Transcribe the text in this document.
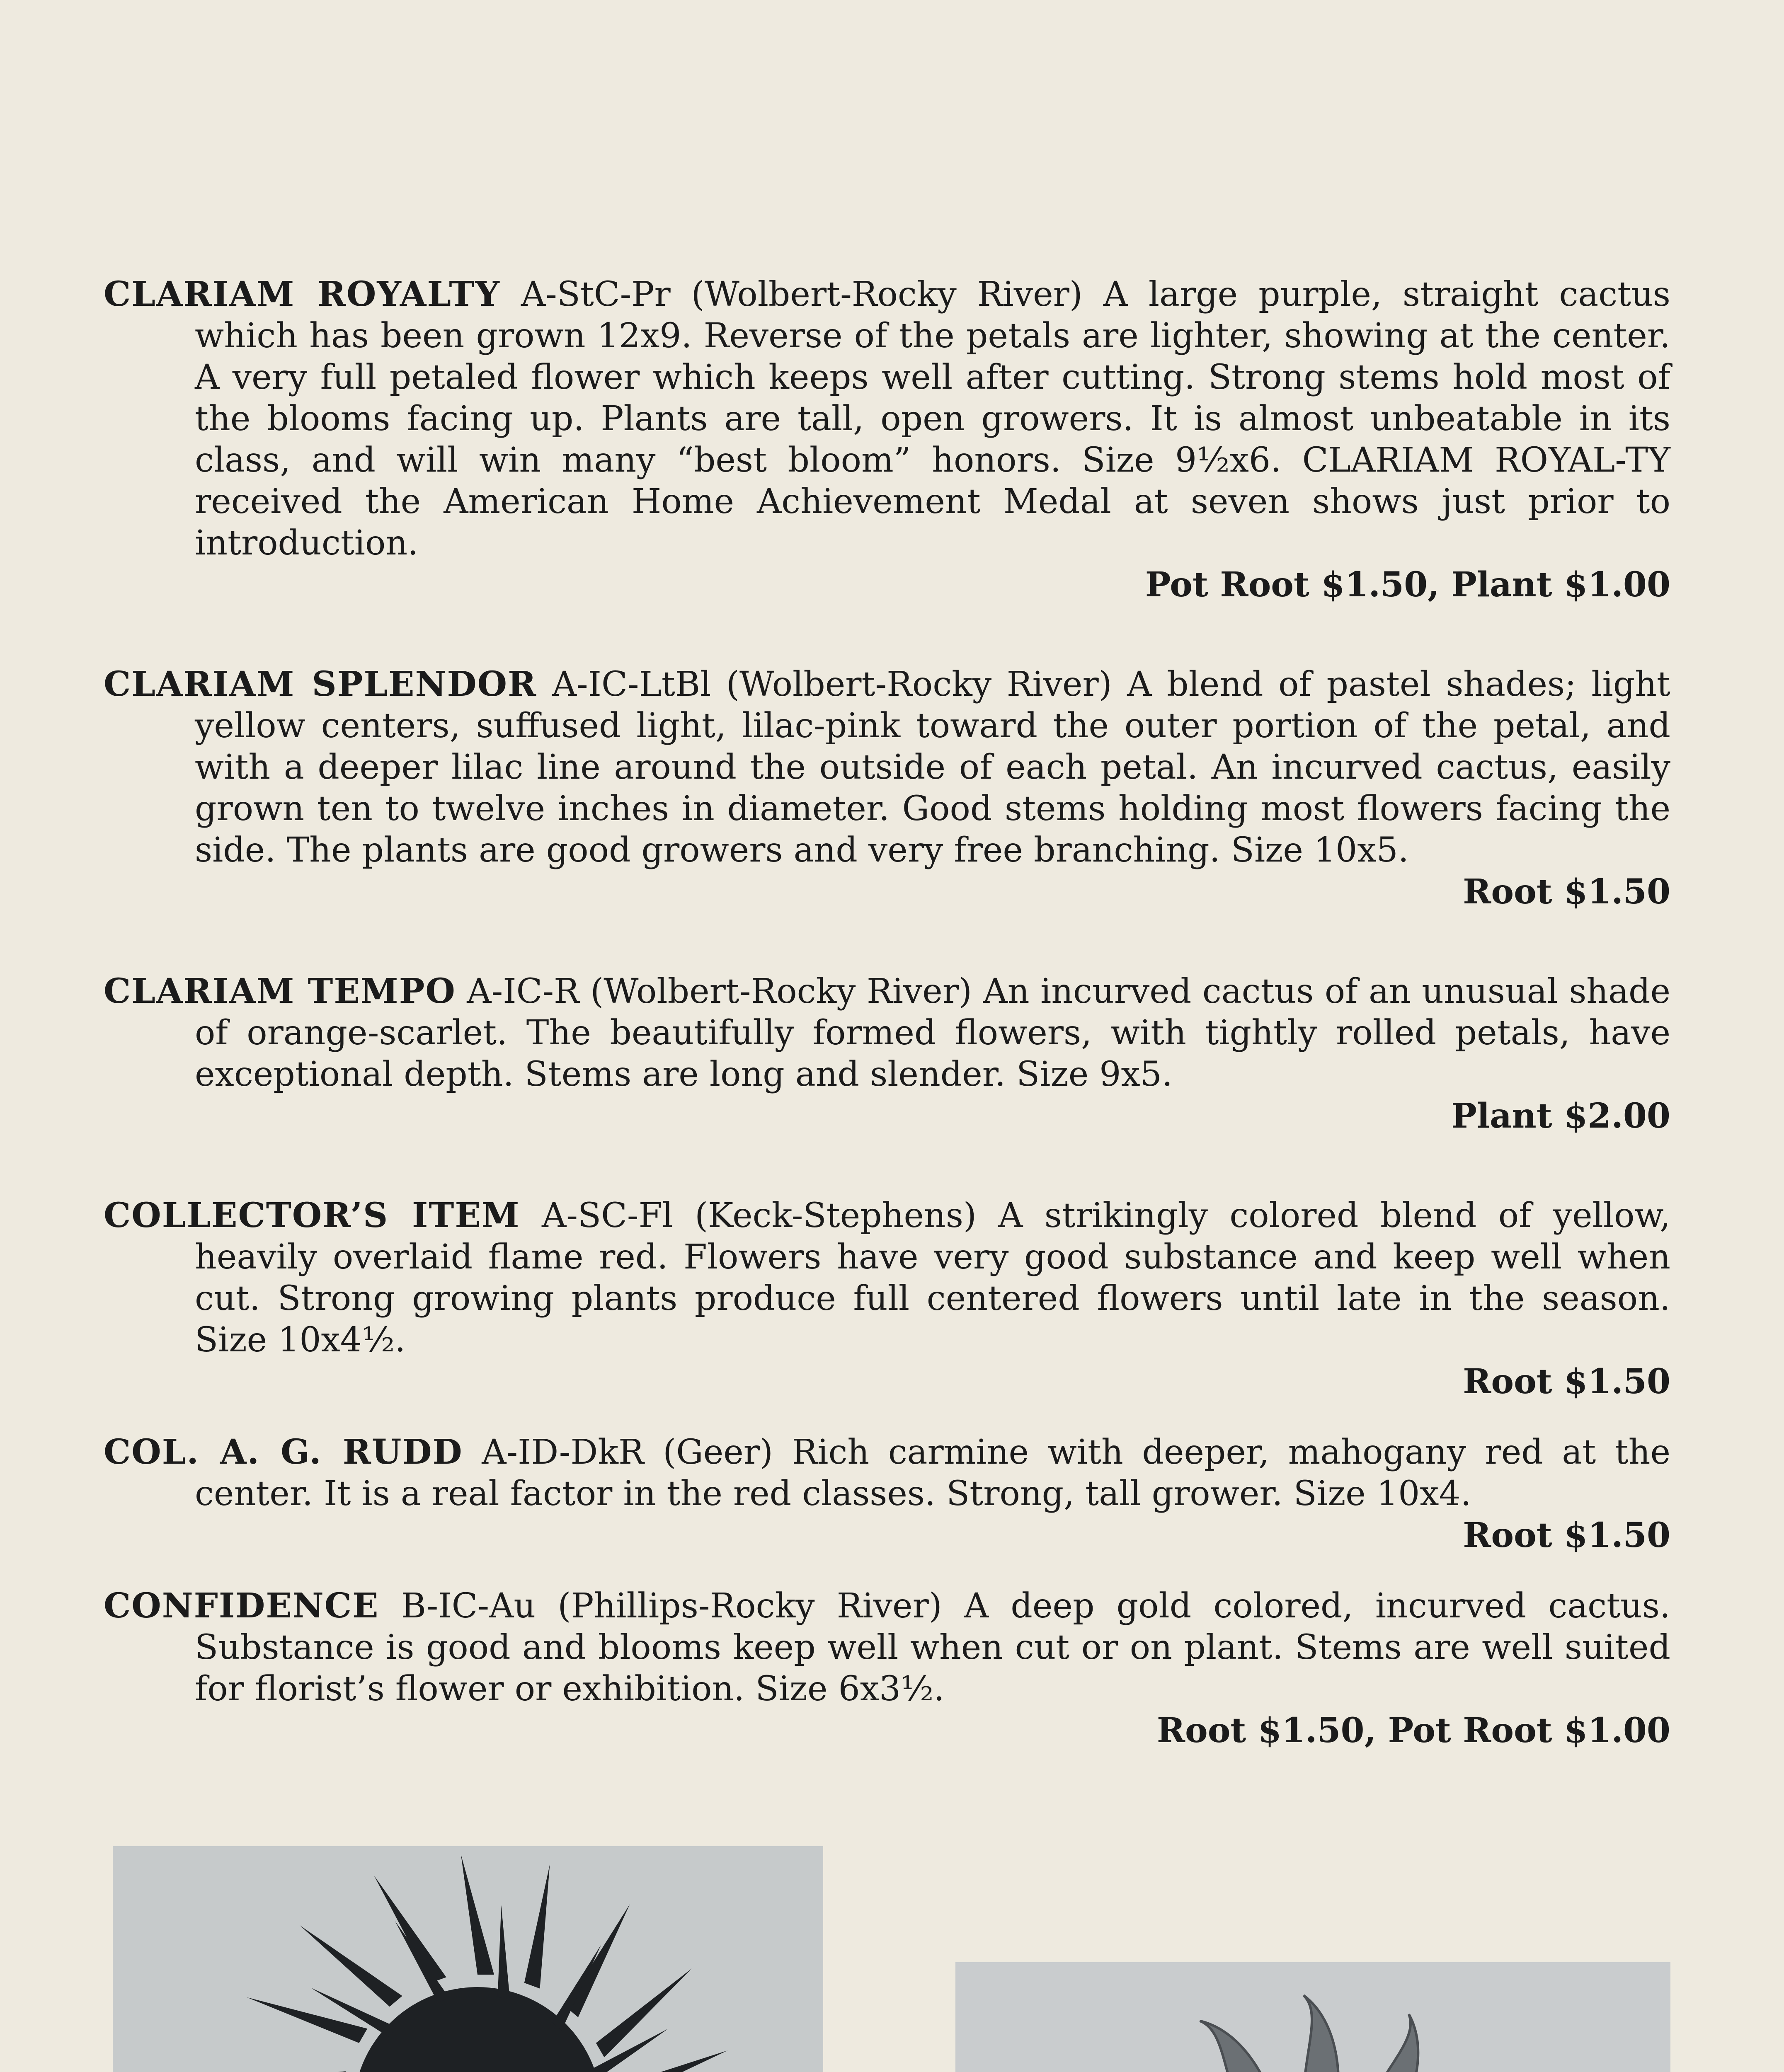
CLARIAM ROYALTY A-StC-Pr (Wolbert-Rocky River) A large purple, straight cactus which has been grown 12x9. Reverse of the petals are lighter, showing at the center. A very full petaled flower which keeps well after cutting. Strong stems hold most of the blooms facing up. Plants are tall, open growers. It is almost unbeatable in its class, and will win many “best bloom” honors. Size 9½x6. CLARIAM ROYAL-TY received the American Home Achievement Medal at seven shows just prior to introduction.
Pot Root $1.50, Plant $1.00

CLARIAM SPLENDOR A-IC-LtBl (Wolbert-Rocky River) A blend of pastel shades; light yellow centers, suffused light, lilac-pink toward the outer portion of the petal, and with a deeper lilac line around the outside of each petal. An incurved cactus, easily grown ten to twelve inches in diameter. Good stems holding most flowers facing the side. The plants are good growers and very free branching. Size 10x5.
Root $1.50

CLARIAM TEMPO A-IC-R (Wolbert-Rocky River) An incurved cactus of an unusual shade of orange-scarlet. The beautifully formed flowers, with tightly rolled petals, have exceptional depth. Stems are long and slender. Size 9x5.
Plant $2.00

COLLECTOR’S ITEM A-SC-Fl (Keck-Stephens) A strikingly colored blend of yellow, heavily overlaid flame red. Flowers have very good substance and keep well when cut. Strong growing plants produce full centered flowers until late in the season. Size 10x4½.
Root $1.50

COL. A. G. RUDD A-ID-DkR (Geer) Rich carmine with deeper, mahogany red at the center. It is a real factor in the red classes. Strong, tall grower. Size 10x4.
Root $1.50

CONFIDENCE B-IC-Au (Phillips-Rocky River) A deep gold colored, incurved cactus. Substance is good and blooms keep well when cut or on plant. Stems are well suited for florist’s flower or exhibition. Size 6x3½.
Root $1.50, Pot Root $1.00
